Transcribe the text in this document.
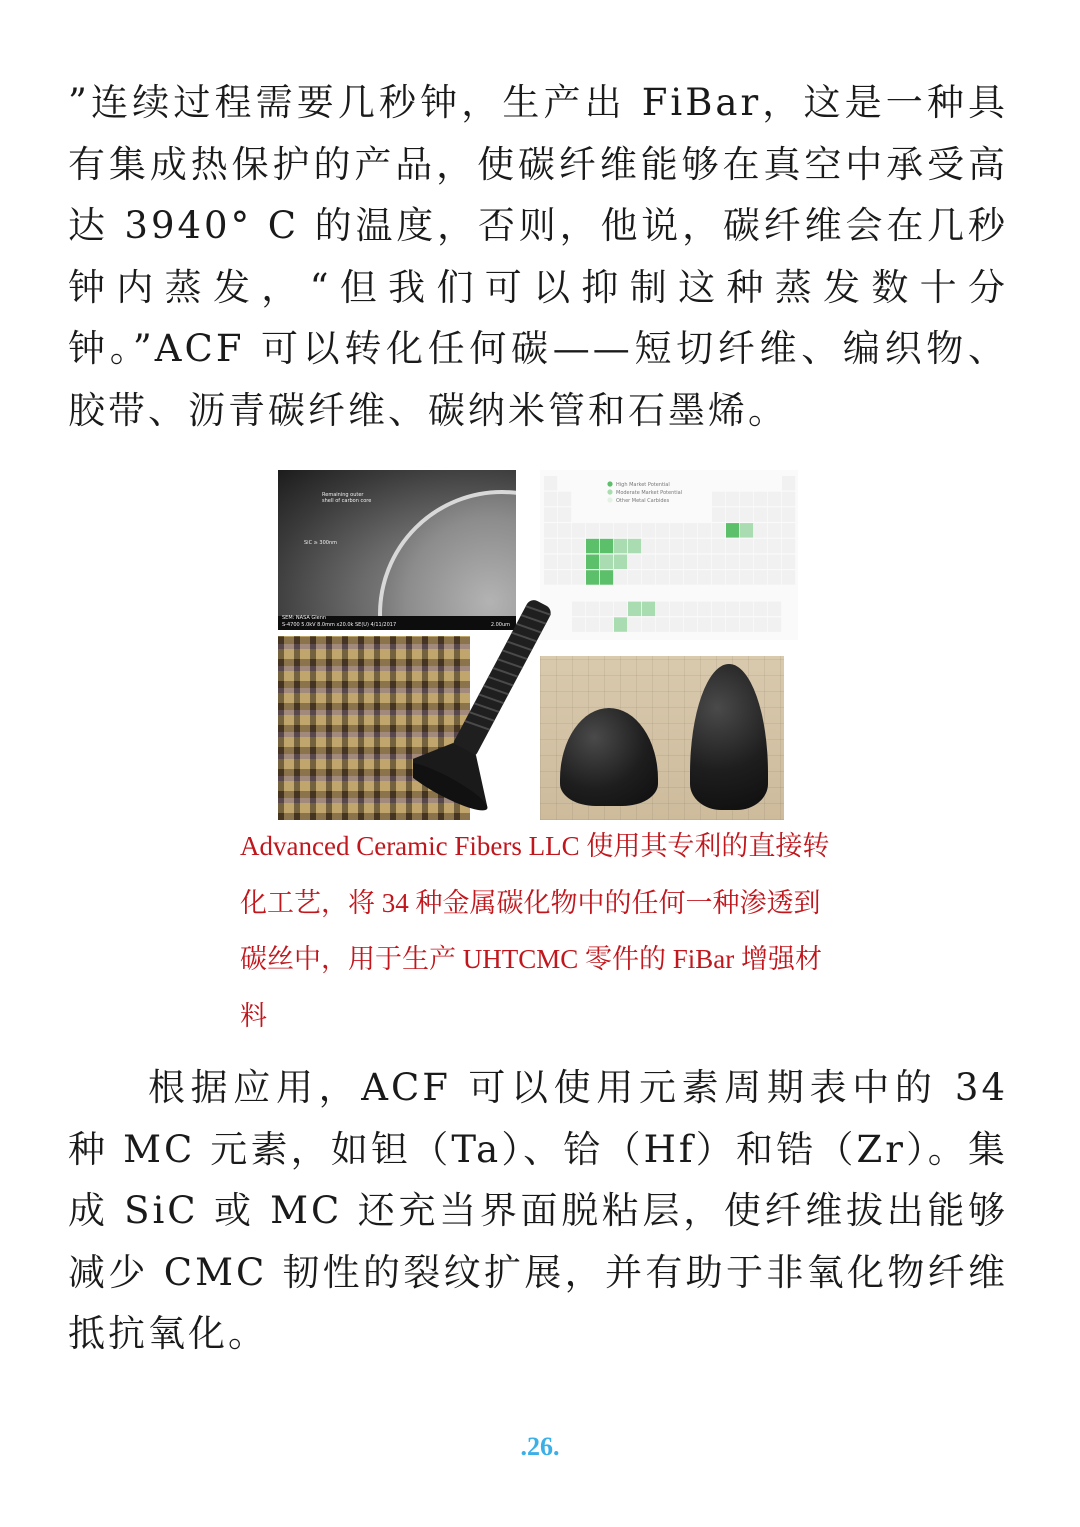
”连续过程需要几秒钟，生产出 FiBar，这是一种具有集成热保护的产品，使碳纤维能够在真空中承受高达 3940° C 的温度，否则，他说，碳纤维会在几秒钟内蒸发，“但我们可以抑制这种蒸发数十分钟。”ACF 可以转化任何碳——短切纤维、编织物、胶带、沥青碳纤维、碳纳米管和石墨烯。

Remaining outer shell of carbon core
SiC ≥ 300nm
SEM: NASA Glenn
S-4700 5.0kV 8.0mm x20.0k SE(U) 4/11/2017	2.00um
High Market Potential
Moderate Market Potential
Other Metal Carbides

Advanced Ceramic Fibers LLC 使用其专利的直接转化工艺，将 34 种金属碳化物中的任何一种渗透到碳丝中，用于生产 UHTCMC 零件的 FiBar 增强材料

根据应用，ACF 可以使用元素周期表中的 34 种 MC 元素，如钽（Ta）、铪（Hf）和锆（Zr）。集成 SiC 或 MC 还充当界面脱粘层，使纤维拔出能够减少 CMC 韧性的裂纹扩展，并有助于非氧化物纤维抵抗氧化。

.26.
